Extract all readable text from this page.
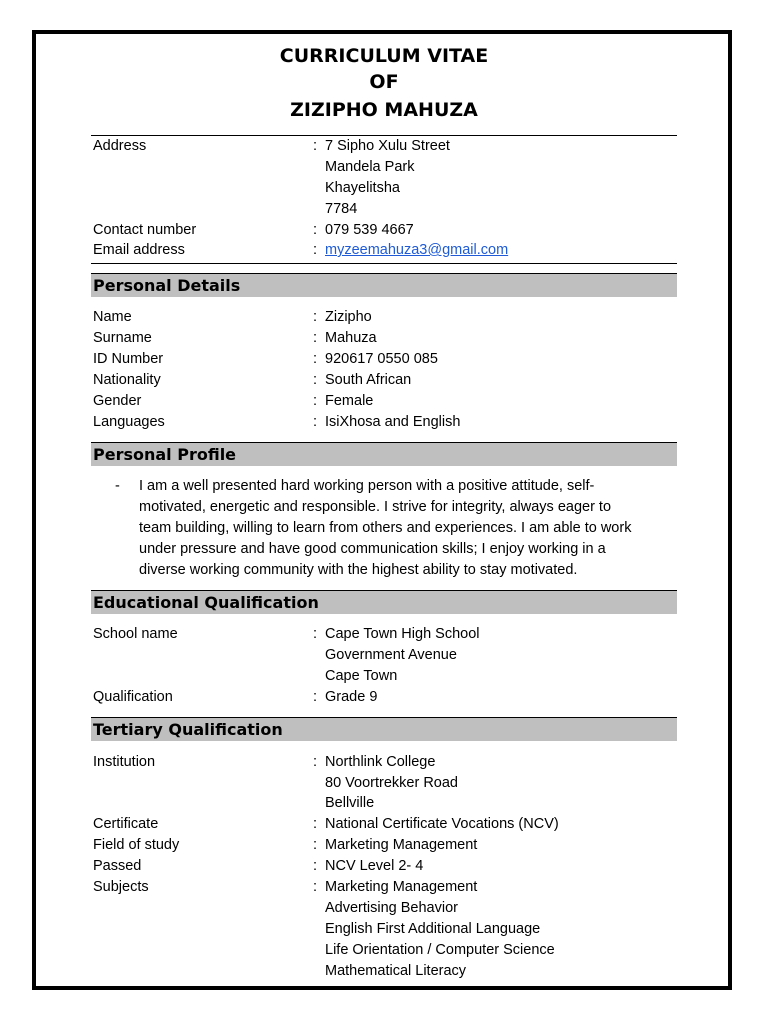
CURRICULUM VITAE
OF
ZIZIPHO MAHUZA
Address	: 7 Sipho Xulu Street
Mandela Park
Khayelitsha
7784
Contact number	: 079 539 4667
Email address	: myzeemahuza3@gmail.com
Personal Details
Name	: Zizipho
Surname	: Mahuza
ID Number	: 920617 0550 085
Nationality	: South African
Gender	: Female
Languages	: IsiXhosa and English
Personal Profile
- I am a well presented hard working person with a positive attitude, self-
motivated, energetic and responsible. I strive for integrity, always eager to
team building, willing to learn from others and experiences. I am able to work
under pressure and have good communication skills; I enjoy working in a
diverse working community with the highest ability to stay motivated.
Educational Qualification
School name	: Cape Town High School
Government Avenue
Cape Town
Qualification	: Grade 9
Tertiary Qualification
Institution	: Northlink College
80 Voortrekker Road
Bellville
Certificate	: National Certificate Vocations (NCV)
Field of study	: Marketing Management
Passed	: NCV Level 2- 4
Subjects	: Marketing Management
Advertising Behavior
English First Additional Language
Life Orientation / Computer Science
Mathematical Literacy
